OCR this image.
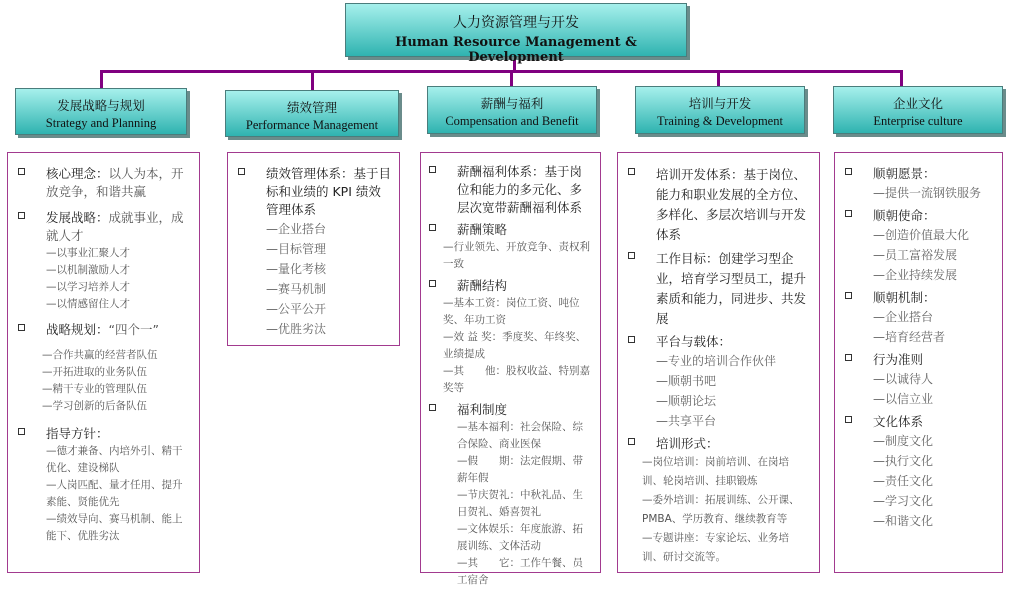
人力资源管理与开发
Human Resource Management & Development
发展战略与规划
Strategy and Planning
绩效管理
Performance Management
薪酬与福利
Compensation and Benefit
培训与开发
Training & Development
企业文化
Enterprise culture
核心理念：以人为本，开放竞争，和谐共赢
发展战略：成就事业，成就人才
—以事业汇聚人才
—以机制激励人才
—以学习培养人才
—以情感留住人才
战略规划：“四个一”
—合作共赢的经营者队伍
—开拓进取的业务队伍
—精干专业的管理队伍
—学习创新的后备队伍
指导方针：
—德才兼备、内培外引、精干优化、建设梯队
—人岗匹配、量才任用、提升素能、贤能优先
—绩效导向、赛马机制、能上能下、优胜劣汰
绩效管理体系：基于目标和业绩的 KPI 绩效管理体系
—企业搭台
—目标管理
—量化考核
—赛马机制
—公平公开
—优胜劣汰
薪酬福利体系：基于岗位和能力的多元化、多层次宽带薪酬福利体系
薪酬策略
—行业领先、开放竞争、责权利一致
薪酬结构
—基本工资：岗位工资、吨位奖、年功工资
—效 益 奖：季度奖、年终奖、业绩提成
—其　　他：股权收益、特别嘉奖等
福利制度
—基本福利：社会保险、综合保险、商业医保
—假　　期：法定假期、带薪年假
—节庆贺礼：中秋礼品、生日贺礼、婚喜贺礼
—文体娱乐：年度旅游、拓展训练、文体活动
—其　　它：工作午餐、员工宿舍
培训开发体系：基于岗位、能力和职业发展的全方位、多样化、多层次培训与开发体系
工作目标：创建学习型企业，培育学习型员工，提升素质和能力，同进步、共发展
平台与载体：
—专业的培训合作伙伴
—顺朝书吧
—顺朝论坛
—共享平台
培训形式：
—岗位培训：岗前培训、在岗培训、轮岗培训、挂职锻炼
—委外培训：拓展训练、公开课、PMBA、学历教育、继续教育等
—专题讲座：专家论坛、业务培训、研讨交流等。
顺朝愿景：
—提供一流钢铁服务
顺朝使命：
—创造价值最大化
—员工富裕发展
—企业持续发展
顺朝机制：
—企业搭台
—培育经营者
行为准则
—以诚待人
—以信立业
文化体系
—制度文化
—执行文化
—责任文化
—学习文化
—和谐文化
